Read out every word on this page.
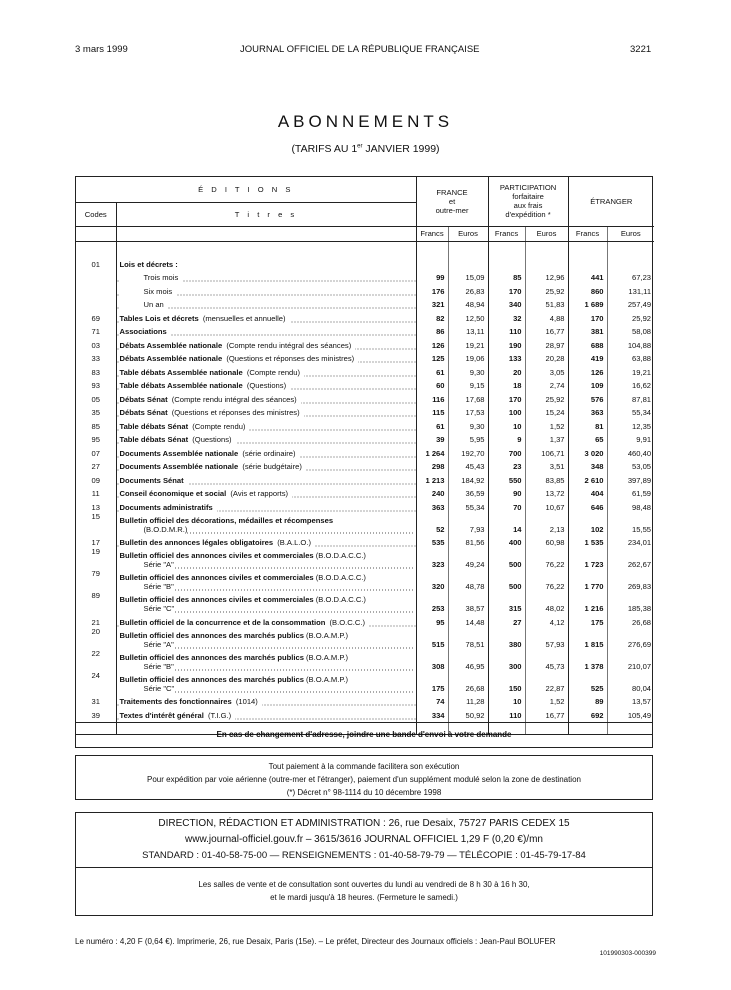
3 mars 1999	JOURNAL OFFICIEL DE LA RÉPUBLIQUE FRANÇAISE	3221
ABONNEMENTS
(TARIFS AU 1er JANVIER 1999)
É D I T I O N S		FRANCE
et
outre-mer		PARTICIPATION
forfaitaire
aux frais
d'expédition *		ÉTRANGER	
Codes	T i t r e s						
		Francs	Euros	Francs	Euros	Francs	Euros

01	Lois et décrets :						
	Trois mois	99	15,09	85	12,96	441	67,23
	Six mois	176	26,83	170	25,92	860	131,11
	Un an	321	48,94	340	51,83	1 689	257,49
69	Tables Lois et décrets (mensuelles et annuelle)	82	12,50	32	4,88	170	25,92
71	Associations	86	13,11	110	16,77	381	58,08
03	Débats Assemblée nationale (Compte rendu intégral des séances)	126	19,21	190	28,97	688	104,88
33	Débats Assemblée nationale (Questions et réponses des ministres)	125	19,06	133	20,28	419	63,88
83	Table débats Assemblée nationale (Compte rendu)	61	9,30	20	3,05	126	19,21
93	Table débats Assemblée nationale (Questions)	60	9,15	18	2,74	109	16,62
05	Débats Sénat (Compte rendu intégral des séances)	116	17,68	170	25,92	576	87,81
35	Débats Sénat (Questions et réponses des ministres)	115	17,53	100	15,24	363	55,34
85	Table débats Sénat (Compte rendu)	61	9,30	10	1,52	81	12,35
95	Table débats Sénat (Questions)	39	5,95	9	1,37	65	9,91
07	Documents Assemblée nationale (série ordinaire)	1 264	192,70	700	106,71	3 020	460,40
27	Documents Assemblée nationale (série budgétaire)	298	45,43	23	3,51	348	53,05
09	Documents Sénat	1 213	184,92	550	83,85	2 610	397,89
11	Conseil économique et social (Avis et rapports)	240	36,59	90	13,72	404	61,59
13	Documents administratifs	363	55,34	70	10,67	646	98,48
15	Bulletin officiel des décorations, médailles et récompenses
(B.O.D.M.R.)	52	7,93	14	2,13	102	15,55
17	Bulletin des annonces légales obligatoires (B.A.L.O.)	535	81,56	400	60,98	1 535	234,01
19	Bulletin officiel des annonces civiles et commerciales (B.O.D.A.C.C.)
Série "A"	323	49,24	500	76,22	1 723	262,67
79	Bulletin officiel des annonces civiles et commerciales (B.O.D.A.C.C.)
Série "B"	320	48,78	500	76,22	1 770	269,83
89	Bulletin officiel des annonces civiles et commerciales (B.O.D.A.C.C.)
Série "C"	253	38,57	315	48,02	1 216	185,38
21	Bulletin officiel de la concurrence et de la consommation (B.O.C.C.)	95	14,48	27	4,12	175	26,68
20	Bulletin officiel des annonces des marchés publics (B.O.A.M.P.)
Série "A"	515	78,51	380	57,93	1 815	276,69
22	Bulletin officiel des annonces des marchés publics (B.O.A.M.P.)
Série "B"	308	46,95	300	45,73	1 378	210,07
24	Bulletin officiel des annonces des marchés publics (B.O.A.M.P.)
Série "C"	175	26,68	150	22,87	525	80,04
31	Traitements des fonctionnaires (1014)	74	11,28	10	1,52	89	13,57
39	Textes d'intérêt général (T.I.G.)	334	50,92	110	16,77	692	105,49

En cas de changement d'adresse, joindre une bande d'envoi à votre demande
Tout paiement à la commande facilitera son exécution
Pour expédition par voie aérienne (outre-mer et l'étranger), paiement d'un supplément modulé selon la zone de destination
(*) Décret n° 98-1114 du 10 décembre 1998
DIRECTION, RÉDACTION ET ADMINISTRATION : 26, rue Desaix, 75727 PARIS CEDEX 15
www.journal-officiel.gouv.fr – 3615/3616 JOURNAL OFFICIEL 1,29 F (0,20 €)/mn
STANDARD : 01-40-58-75-00 — RENSEIGNEMENTS : 01-40-58-79-79 — TÉLÉCOPIE : 01-45-79-17-84
Les salles de vente et de consultation sont ouvertes du lundi au vendredi de 8 h 30 à 16 h 30,
et le mardi jusqu'à 18 heures. (Fermeture le samedi.)
Le numéro : 4,20 F (0,64 €). Imprimerie, 26, rue Desaix, Paris (15e). – Le préfet, Directeur des Journaux officiels : Jean-Paul BOLUFER
101990303-000399
